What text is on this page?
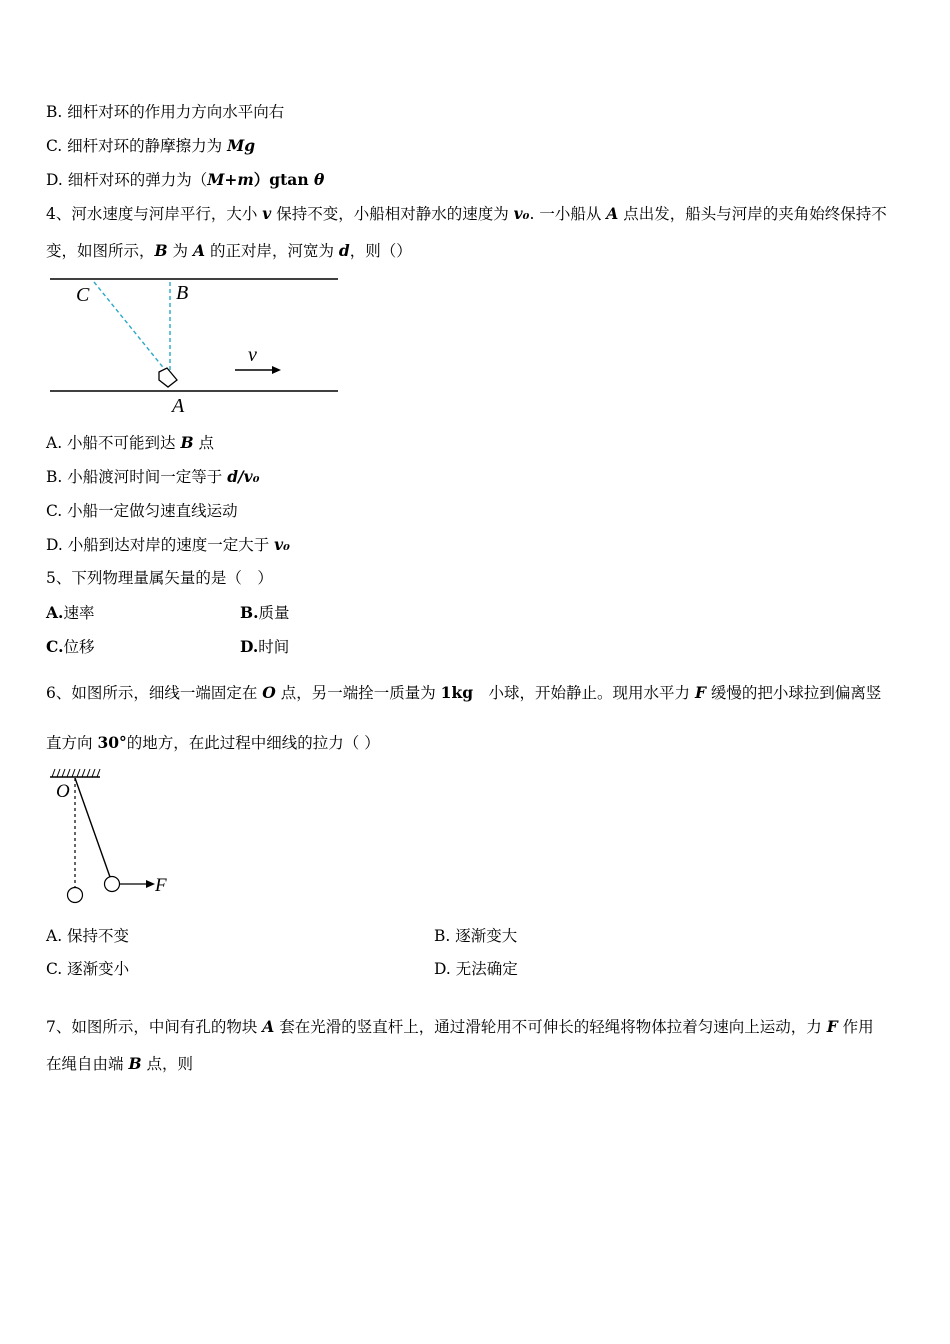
B. 细杆对环的作用力方向水平向右
C. 细杆对环的静摩擦力为 Mg
D. 细杆对环的弹力为（M+m）gtan θ
4、河水速度与河岸平行，大小 v 保持不变，小船相对静水的速度为 v₀. 一小船从 A 点出发，船头与河岸的夹角始终保持不
变，如图所示，B 为 A 的正对岸，河宽为 d，则（）
C	B
v
A
A. 小船不可能到达 B 点
B. 小船渡河时间一定等于 d/v₀
C. 小船一定做匀速直线运动
D. 小船到达对岸的速度一定大于 v₀
5、下列物理量属矢量的是（　）
A.速率	B.质量
C.位移	D.时间
6、如图所示，细线一端固定在 O 点，另一端拴一质量为 1kg　小球，开始静止。现用水平力 F 缓慢的把小球拉到偏离竖
直方向 30°的地方，在此过程中细线的拉力（ ）
O
F
A. 保持不变	B. 逐渐变大
C. 逐渐变小	D. 无法确定
7、如图所示，中间有孔的物块 A 套在光滑的竖直杆上，通过滑轮用不可伸长的轻绳将物体拉着匀速向上运动，力 F 作用
在绳自由端 B 点，则
